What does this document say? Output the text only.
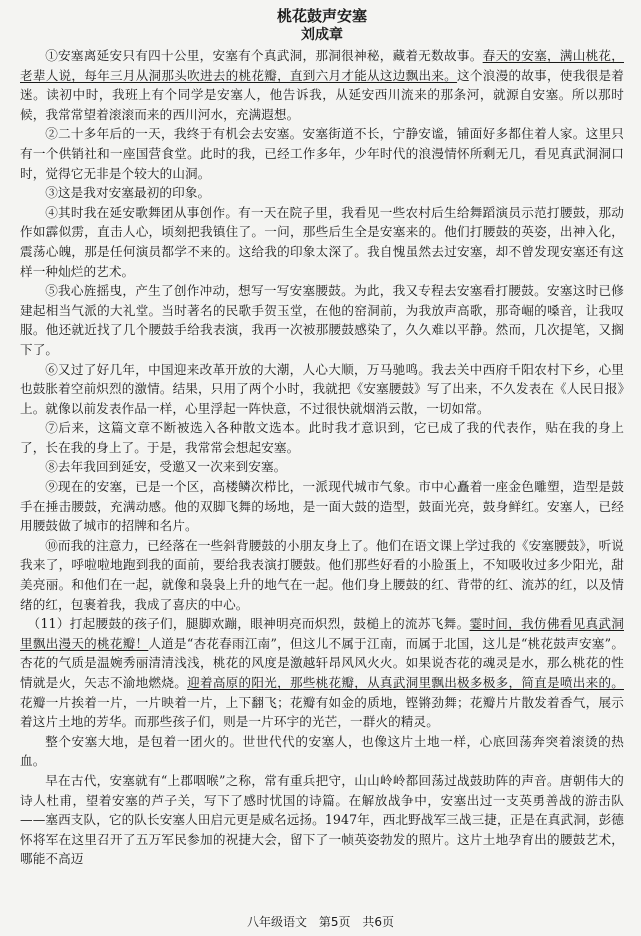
桃花鼓声安塞
刘成章

①安塞离延安只有四十公里，安塞有个真武洞，那洞很神秘，藏着无数故事。春天的安塞，满山桃花，老辈人说，每年三月从洞那头吹进去的桃花瓣，直到六月才能从这边飘出来。这个浪漫的故事，使我很是着迷。读初中时，我班上有个同学是安塞人，他告诉我，从延安西川流来的那条河，就源自安塞。所以那时候，我常常望着滚滚而来的西川河水，充满遐想。

②二十多年后的一天，我终于有机会去安塞。安塞街道不长，宁静安谧，铺面好多都住着人家。这里只有一个供销社和一座国营食堂。此时的我，已经工作多年，少年时代的浪漫情怀所剩无几，看见真武洞洞口时，觉得它无非是个较大的山洞。

③这是我对安塞最初的印象。

④其时我在延安歌舞团从事创作。有一天在院子里，我看见一些农村后生给舞蹈演员示范打腰鼓，那动作如霹似雳，直击人心，顷刻把我镇住了。一问，那些后生全是安塞来的。他们打腰鼓的英姿，出神入化，震荡心魄，那是任何演员都学不来的。这给我的印象太深了。我自愧虽然去过安塞，却不曾发现安塞还有这样一种灿烂的艺术。

⑤我心旌摇曳，产生了创作冲动，想写一写安塞腰鼓。为此，我又专程去安塞看打腰鼓。安塞这时已修建起相当气派的大礼堂。当时著名的民歌手贺玉堂，在他的窑洞前，为我放声高歌，那奇崛的嗓音，让我叹服。他还就近找了几个腰鼓手给我表演，我再一次被那腰鼓感染了，久久难以平静。然而，几次提笔，又搁下了。

⑥又过了好几年，中国迎来改革开放的大潮，人心大顺，万马驰鸣。我去关中西府千阳农村下乡，心里也鼓胀着空前炽烈的激情。结果，只用了两个小时，我就把《安塞腰鼓》写了出来，不久发表在《人民日报》上。就像以前发表作品一样，心里浮起一阵快意，不过很快就烟消云散，一切如常。

⑦后来，这篇文章不断被选入各种散文选本。此时我才意识到，它已成了我的代表作，贴在我的身上了，长在我的身上了。于是，我常常会想起安塞。

⑧去年我回到延安，受邀又一次来到安塞。

⑨现在的安塞，已是一个区，高楼鳞次栉比，一派现代城市气象。市中心矗着一座金色雕塑，造型是鼓手在捶击腰鼓，充满动感。他的双脚飞舞的场地，是一面大鼓的造型，鼓面光亮，鼓身鲜红。安塞人，已经用腰鼓做了城市的招牌和名片。

⑩而我的注意力，已经落在一些斜背腰鼓的小朋友身上了。他们在语文课上学过我的《安塞腰鼓》，听说我来了，呼啦啦地跑到我的面前，要给我表演打腰鼓。他们那些好看的小脸蛋上，不知吸收过多少阳光，甜美亮丽。和他们在一起，就像和袅袅上升的地气在一起。他们身上腰鼓的红、背带的红、流苏的红，以及情绪的红，包裹着我，我成了喜庆的中心。

（11）打起腰鼓的孩子们，腿脚欢蹦，眼神明亮而炽烈，鼓槌上的流苏飞舞。霎时间，我仿佛看见真武洞里飘出漫天的桃花瓣！人道是“杏花春雨江南”，但这儿不属于江南，而属于北国，这儿是“桃花鼓声安塞”。杏花的气质是温婉秀丽清清浅浅，桃花的风度是激越轩昂风风火火。如果说杏花的魂灵是水，那么桃花的性情就是火，矢志不渝地燃烧。迎着高原的阳光，那些桃花瓣，从真武洞里飘出极多极多，简直是喷出来的。花瓣一片挨着一片，一片映着一片，上下翻飞；花瓣有如金的质地，铿锵劲舞；花瓣片片散发着香气，展示着这片土地的芳华。而那些孩子们，则是一片环宇的光芒，一群火的精灵。

整个安塞大地，是包着一团火的。世世代代的安塞人，也像这片土地一样，心底回荡奔突着滚烫的热血。

早在古代，安塞就有“上郡咽喉”之称，常有重兵把守，山山岭岭都回荡过战鼓助阵的声音。唐朝伟大的诗人杜甫，望着安塞的芦子关，写下了感时忧国的诗篇。在解放战争中，安塞出过一支英勇善战的游击队——塞西支队，它的队长安塞人田启元更是威名远扬。1947年，西北野战军三战三捷，正是在真武洞，彭德怀将军在这里召开了五万军民参加的祝捷大会，留下了一帧英姿勃发的照片。这片土地孕育出的腰鼓艺术，哪能不高迈

八年级语文 第5页 共6页
